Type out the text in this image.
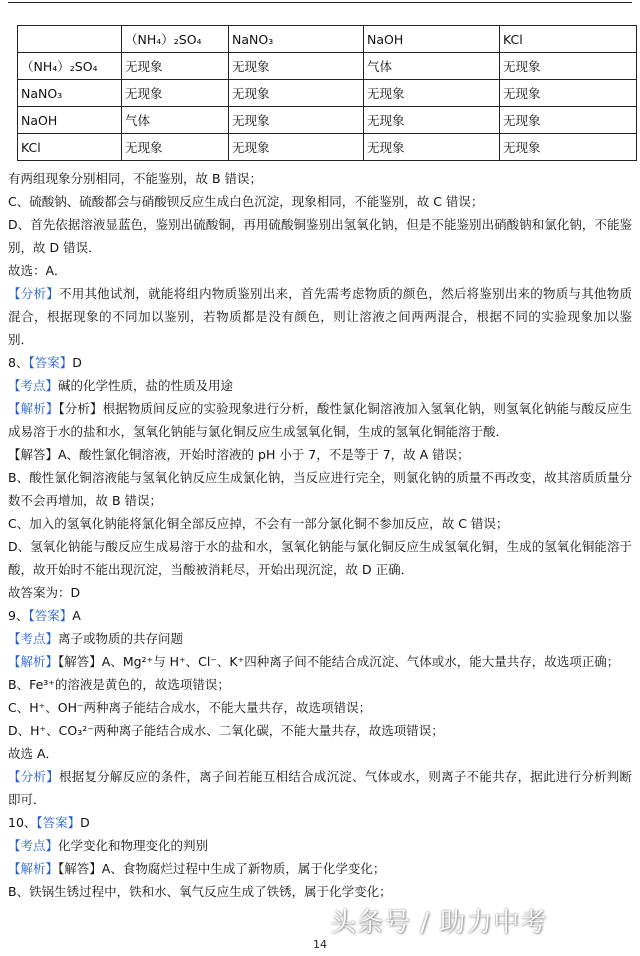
	（NH₄）₂SO₄	NaNO₃	NaOH	KCl
（NH₄）₂SO₄	无现象	无现象	气体	无现象
NaNO₃	无现象	无现象	无现象	无现象
NaOH	气体	无现象	无现象	无现象
KCl	无现象	无现象	无现象	无现象

有两组现象分别相同，不能鉴别，故 B 错误；

C、硫酸钠、硫酸都会与硝酸钡反应生成白色沉淀，现象相同，不能鉴别，故 C 错误；

D、首先依据溶液显蓝色，鉴别出硫酸铜，再用硫酸铜鉴别出氢氧化钠，但是不能鉴别出硝酸钠和氯化钠，不能鉴别，故 D 错误．

故选：A．

【分析】不用其他试剂，就能将组内物质鉴别出来，首先需考虑物质的颜色，然后将鉴别出来的物质与其他物质混合，根据现象的不同加以鉴别，若物质都是没有颜色，则让溶液之间两两混合，根据不同的实验现象加以鉴别．

8、【答案】D

【考点】碱的化学性质，盐的性质及用途

【解析】【分析】根据物质间反应的实验现象进行分析，酸性氯化铜溶液加入氢氧化钠，则氢氧化钠能与酸反应生成易溶于水的盐和水，氢氧化钠能与氯化铜反应生成氢氧化铜，生成的氢氧化铜能溶于酸．

【解答】A、酸性氯化铜溶液，开始时溶液的 pH 小于 7，不是等于 7，故 A 错误；

B、酸性氯化铜溶液能与氢氧化钠反应生成氯化钠，当反应进行完全，则氯化钠的质量不再改变，故其溶质质量分数不会再增加，故 B 错误；

C、加入的氢氧化钠能将氯化铜全部反应掉，不会有一部分氯化铜不参加反应，故 C 错误；

D、氢氧化钠能与酸反应生成易溶于水的盐和水，氢氧化钠能与氯化铜反应生成氢氧化铜，生成的氢氧化铜能溶于酸，故开始时不能出现沉淀，当酸被消耗尽，开始出现沉淀，故 D 正确．

故答案为：D

9、【答案】A

【考点】离子或物质的共存问题

【解析】【解答】A、Mg²⁺与 H⁺、Cl⁻、K⁺四种离子间不能结合成沉淀、气体或水，能大量共存，故选项正确；

B、Fe³⁺的溶液是黄色的，故选项错误；

C、H⁺、OH⁻两种离子能结合成水，不能大量共存，故选项错误；

D、H⁺、CO₃²⁻两种离子能结合成水、二氧化碳，不能大量共存，故选项错误；

故选 A．

【分析】根据复分解反应的条件，离子间若能互相结合成沉淀、气体或水，则离子不能共存，据此进行分析判断即可．

10、【答案】D

【考点】化学变化和物理变化的判别

【解析】【解答】A、食物腐烂过程中生成了新物质，属于化学变化；

B、铁锅生锈过程中，铁和水、氧气反应生成了铁锈，属于化学变化；

14
头条号 / 助力中考
